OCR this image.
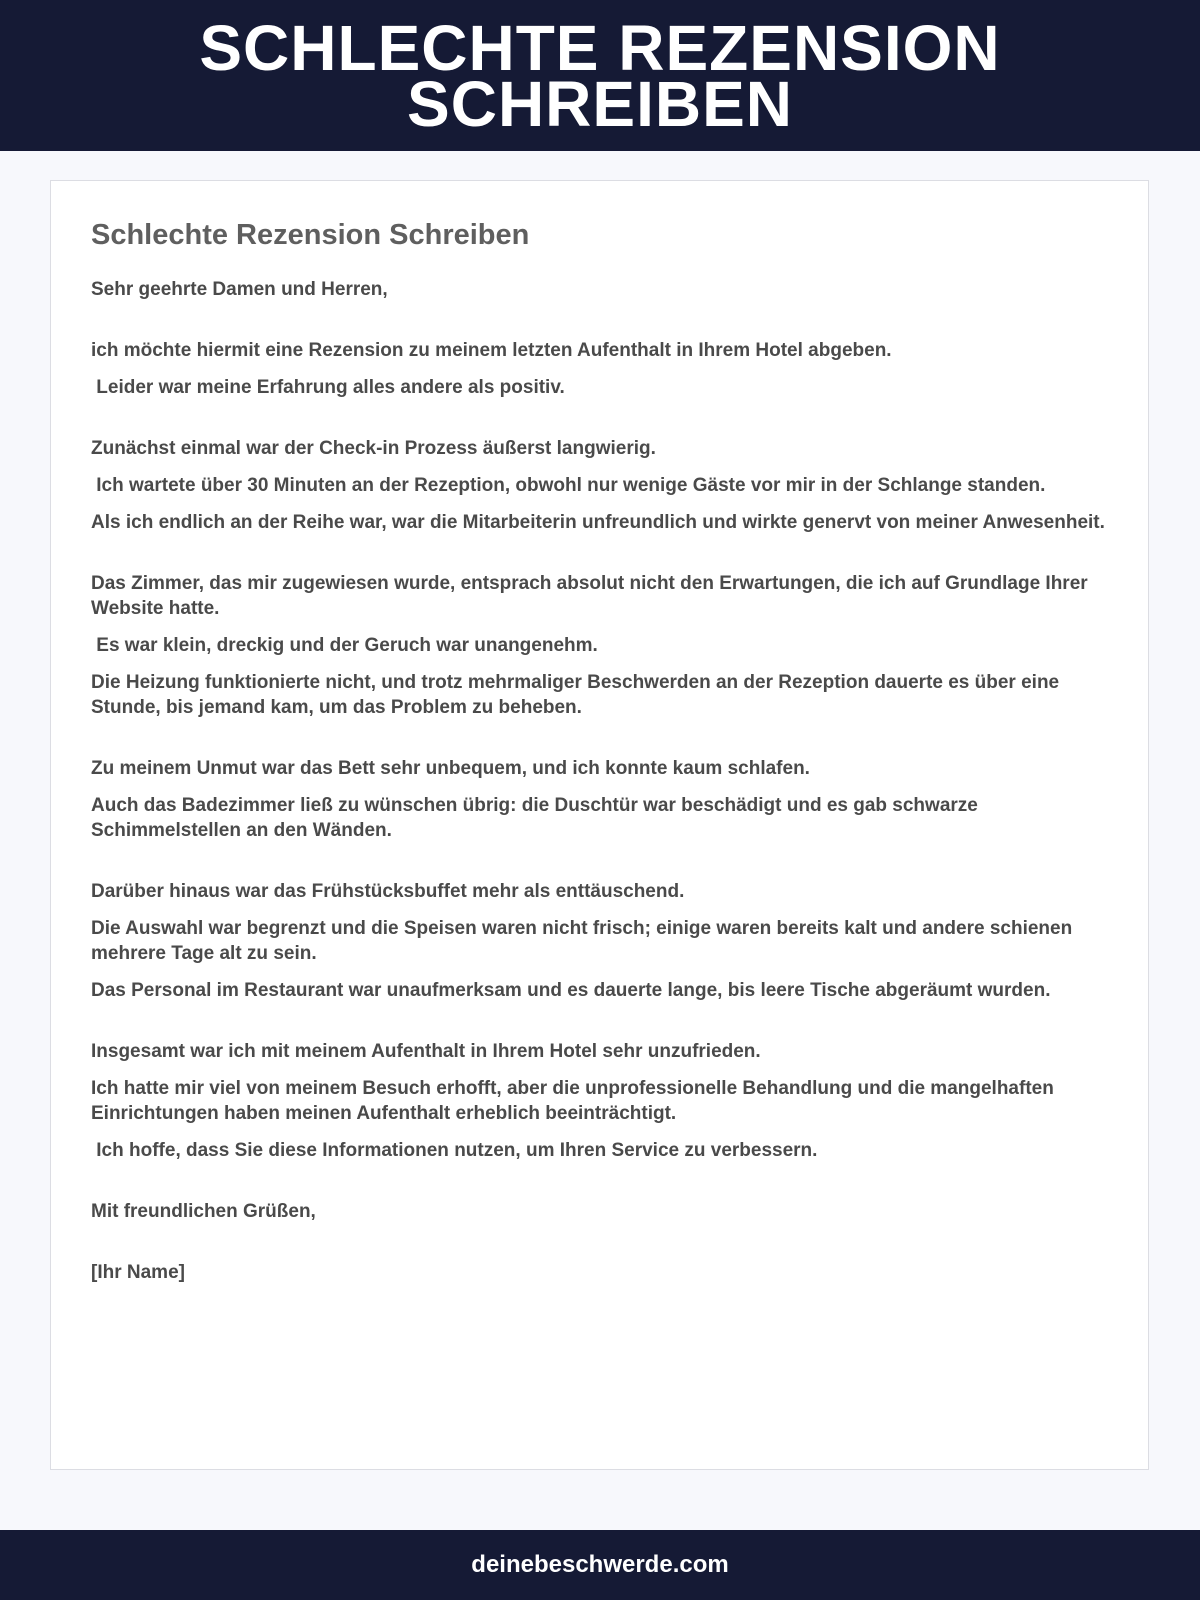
SCHLECHTE REZENSION SCHREIBEN
Schlechte Rezension Schreiben

Sehr geehrte Damen und Herren,

ich möchte hiermit eine Rezension zu meinem letzten Aufenthalt in Ihrem Hotel abgeben.

Leider war meine Erfahrung alles andere als positiv.

Zunächst einmal war der Check-in Prozess äußerst langwierig.

Ich wartete über 30 Minuten an der Rezeption, obwohl nur wenige Gäste vor mir in der Schlange standen.

Als ich endlich an der Reihe war, war die Mitarbeiterin unfreundlich und wirkte genervt von meiner Anwesenheit.

Das Zimmer, das mir zugewiesen wurde, entsprach absolut nicht den Erwartungen, die ich auf Grundlage Ihrer Website hatte.

Es war klein, dreckig und der Geruch war unangenehm.

Die Heizung funktionierte nicht, und trotz mehrmaliger Beschwerden an der Rezeption dauerte es über eine Stunde, bis jemand kam, um das Problem zu beheben.

Zu meinem Unmut war das Bett sehr unbequem, und ich konnte kaum schlafen.

Auch das Badezimmer ließ zu wünschen übrig: die Duschtür war beschädigt und es gab schwarze Schimmelstellen an den Wänden.

Darüber hinaus war das Frühstücksbuffet mehr als enttäuschend.

Die Auswahl war begrenzt und die Speisen waren nicht frisch; einige waren bereits kalt und andere schienen mehrere Tage alt zu sein.

Das Personal im Restaurant war unaufmerksam und es dauerte lange, bis leere Tische abgeräumt wurden.

Insgesamt war ich mit meinem Aufenthalt in Ihrem Hotel sehr unzufrieden.

Ich hatte mir viel von meinem Besuch erhofft, aber die unprofessionelle Behandlung und die mangelhaften Einrichtungen haben meinen Aufenthalt erheblich beeinträchtigt.

Ich hoffe, dass Sie diese Informationen nutzen, um Ihren Service zu verbessern.

Mit freundlichen Grüßen,

[Ihr Name]

deinebeschwerde.com
